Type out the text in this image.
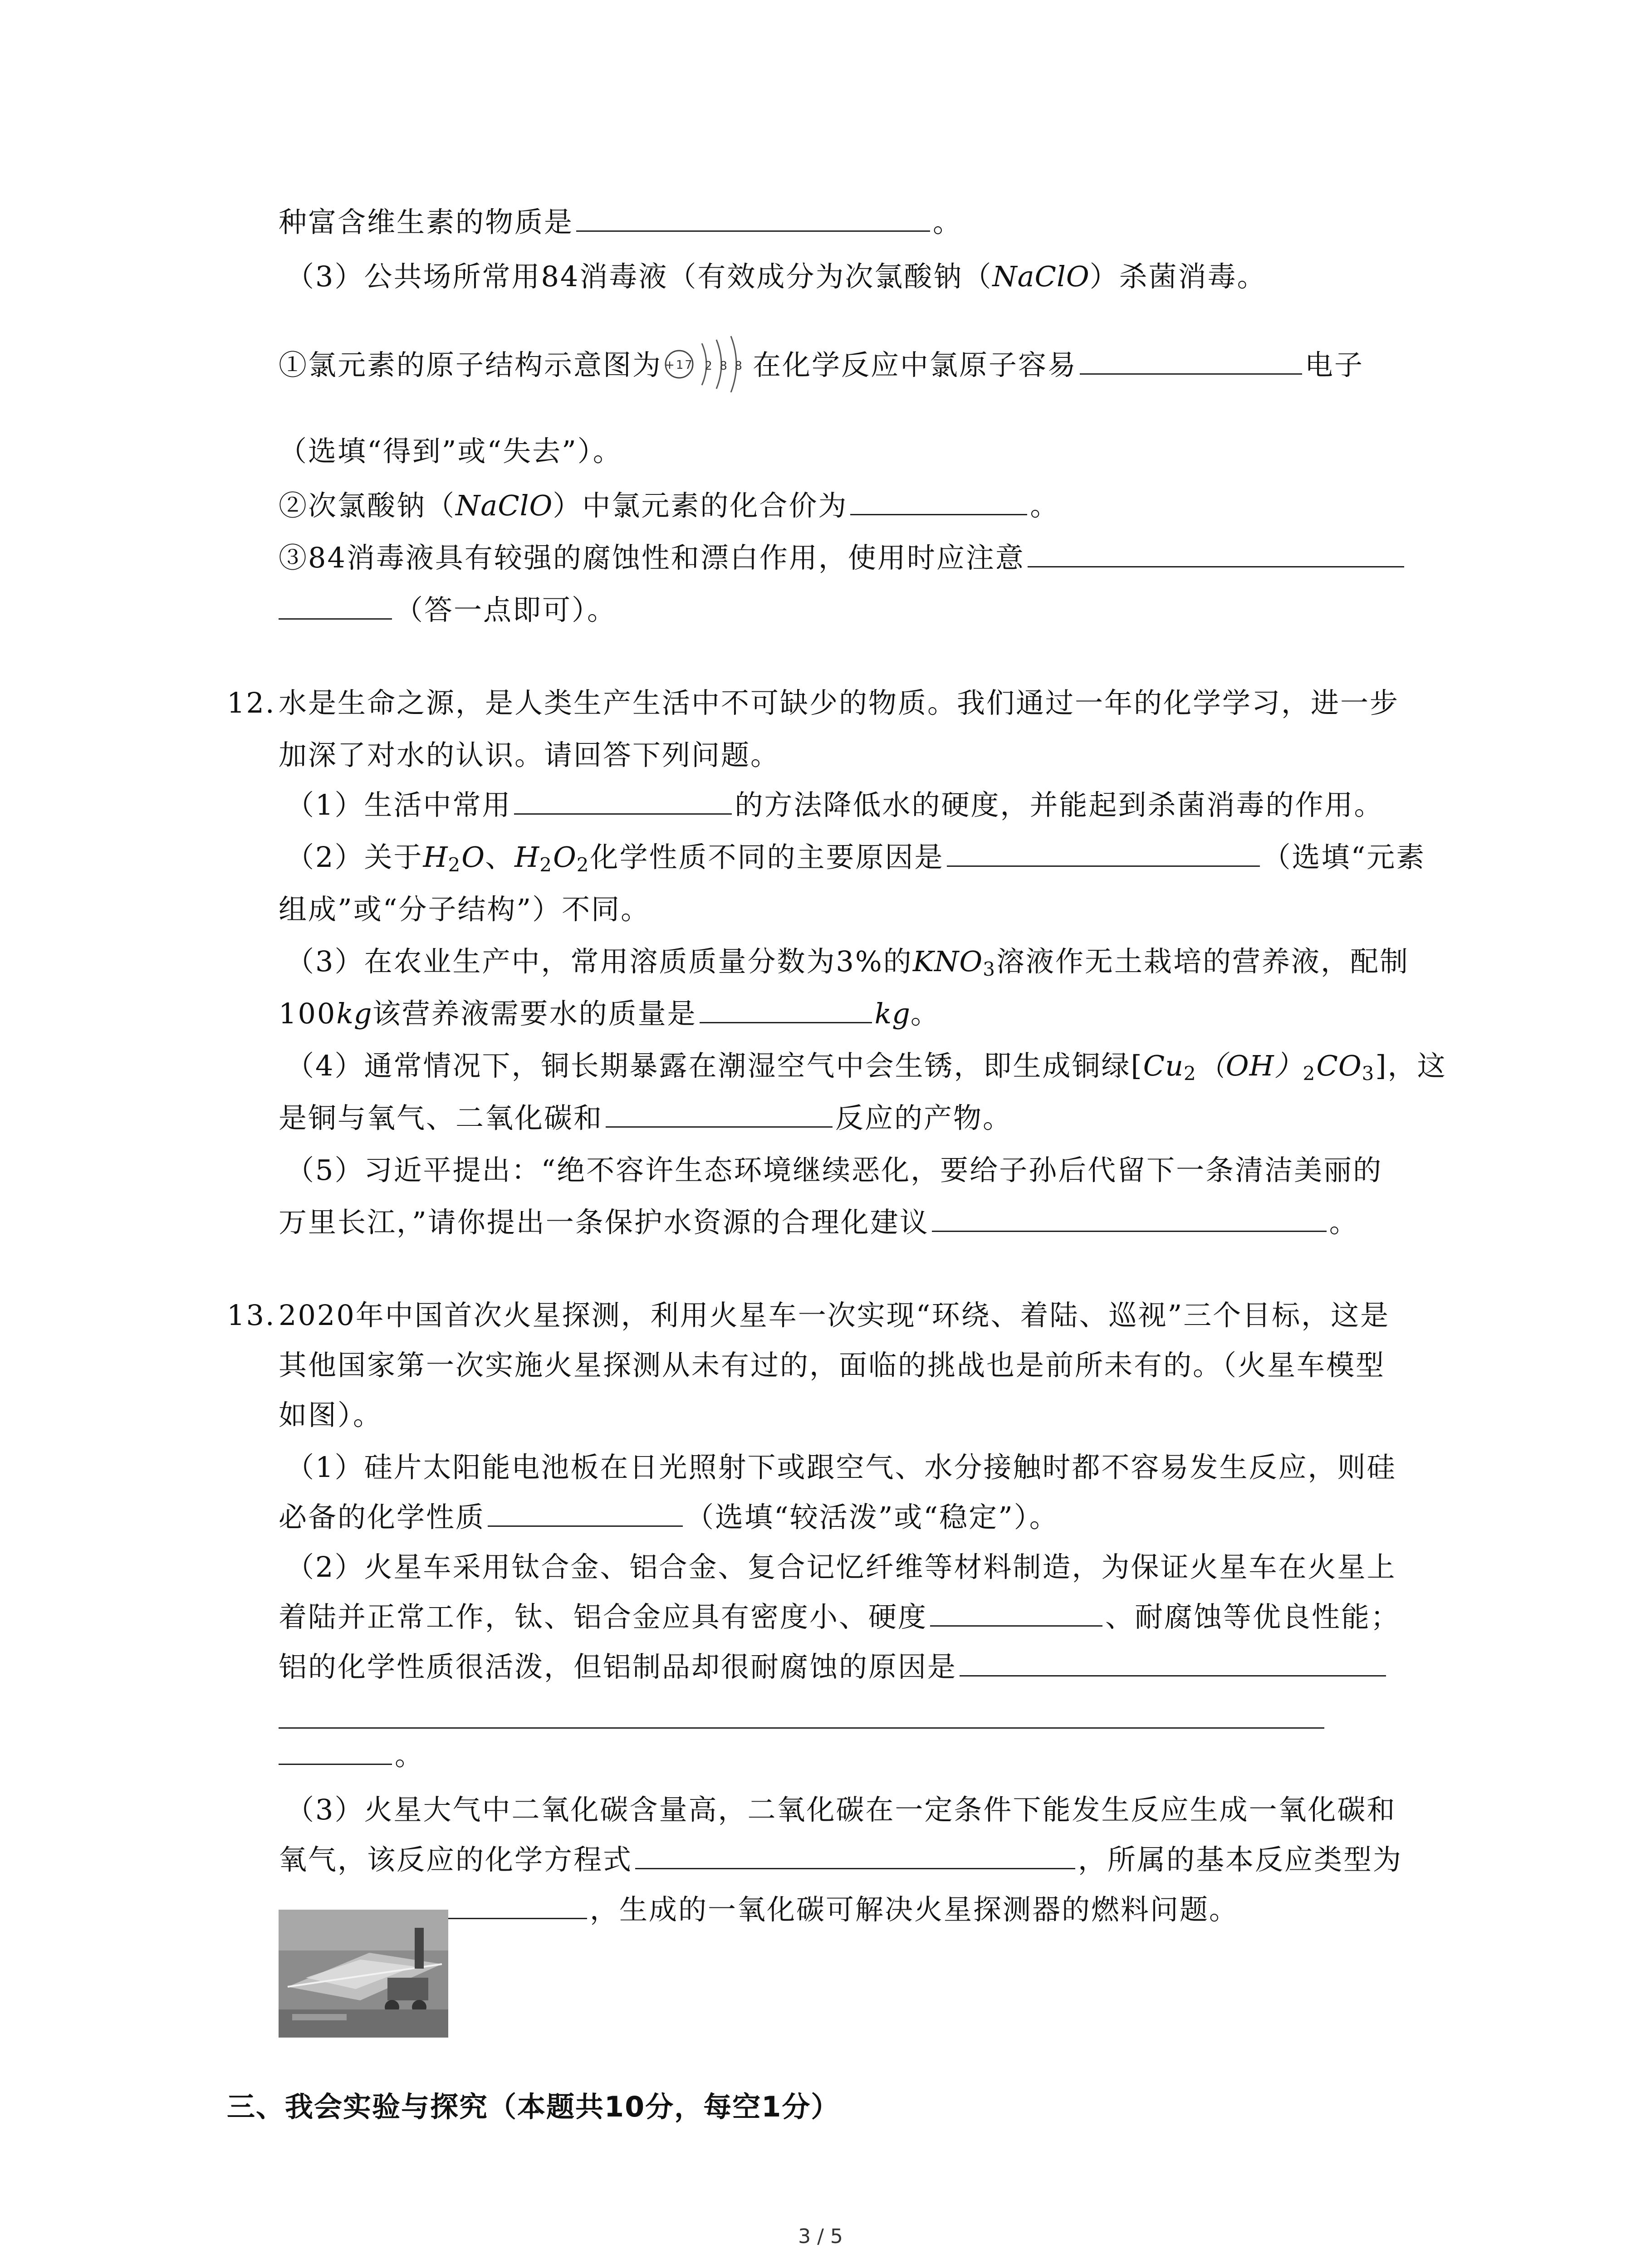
种富含维生素的物质是	。
（3）公共场所常用84消毒液（有效成分为次氯酸钠（NaClO）杀菌消毒。
①氯元素的原子结构示意图为 +17 2 8 8 在化学反应中氯原子容易	电子
（选填“得到”或“失去”）。
②次氯酸钠（NaClO）中氯元素的化合价为	。
③84消毒液具有较强的腐蚀性和漂白作用，使用时应注意
（答一点即可）。
12. 水是生命之源，是人类生产生活中不可缺少的物质。我们通过一年的化学学习，进一步
加深了对水的认识。请回答下列问题。
（1）生活中常用	的方法降低水的硬度，并能起到杀菌消毒的作用。
（2）关于$H_2O$、$H_2O_2$化学性质不同的主要原因是	（选填“元素
组成”或“分子结构”）不同。
（3）在农业生产中，常用溶质质量分数为3%的$KNO_3$溶液作无土栽培的营养液，配制
100kg该营养液需要水的质量是	kg。
（4）通常情况下，铜长期暴露在潮湿空气中会生锈，即生成铜绿$[Cu_2(OH)_2CO_3]$，这
是铜与氧气、二氧化碳和	反应的产物。
（5）习近平提出：“绝不容许生态环境继续恶化，要给子孙后代留下一条清洁美丽的
万里长江，”请你提出一条保护水资源的合理化建议	。
13. 2020年中国首次火星探测，利用火星车一次实现“环绕、着陆、巡视”三个目标，这是
其他国家第一次实施火星探测从未有过的，面临的挑战也是前所未有的。（火星车模型
如图）。
（1）硅片太阳能电池板在日光照射下或跟空气、水分接触时都不容易发生反应，则硅
必备的化学性质	（选填“较活泼”或“稳定”）。
（2）火星车采用钛合金、铝合金、复合记忆纤维等材料制造，为保证火星车在火星上
着陆并正常工作，钛、铝合金应具有密度小、硬度	、耐腐蚀等优良性能；
铝的化学性质很活泼，但铝制品却很耐腐蚀的原因是
。
（3）火星大气中二氧化碳含量高，二氧化碳在一定条件下能发生反应生成一氧化碳和
氧气，该反应的化学方程式	，所属的基本反应类型为
，生成的一氧化碳可解决火星探测器的燃料问题。
三、我会实验与探究（本题共10分，每空1分）
3 / 5
